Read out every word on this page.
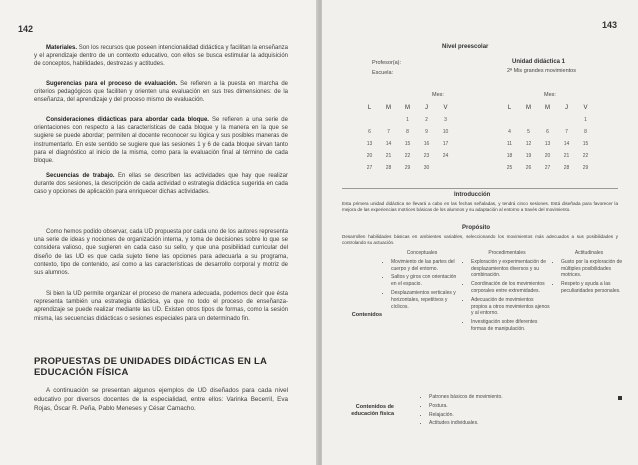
142

Materiales. Son los recursos que poseen intencionalidad didáctica y facilitan la enseñanza y el aprendizaje dentro de un contexto educativo, con ellos se busca estimular la adquisición de conceptos, habilidades, destrezas y actitudes.

Sugerencias para el proceso de evaluación. Se refieren a la puesta en marcha de criterios pedagógicos que faciliten y orienten una evaluación en sus tres dimensiones: de la enseñanza, del aprendizaje y del proceso mismo de evaluación.

Consideraciones didácticas para abordar cada bloque. Se refieren a una serie de orientaciones con respecto a las características de cada bloque y la manera en la que se sugiere se puede abordar; permiten al docente reconocer su lógica y sus posibles maneras de instrumentarlo. En este sentido se sugiere que las sesiones 1 y 6 de cada bloque sirvan tanto para el diagnóstico al inicio de la misma, como para la evaluación final al término de cada bloque.

Secuencias de trabajo. En ellas se describen las actividades que hay que realizar durante dos sesiones, la descripción de cada actividad o estrategia didáctica sugerida en cada caso y opciones de aplicación para enriquecer dichas actividades.

Como hemos podido observar, cada UD propuesta por cada uno de los autores representa una serie de ideas y nociones de organización interna, y toma de decisiones sobre lo que se considera valioso, que sugieren en cada caso su sello, y que una posibilidad curricular del diseño de las UD es que cada sujeto tiene las opciones para adecuarla a su programa, contexto, tipo de contenido, así como a las características de desarrollo corporal y motriz de sus alumnos.

Si bien la UD permite organizar el proceso de manera adecuada, podemos decir que ésta representa también una estrategia didáctica, ya que no todo el proceso de enseñanza-aprendizaje se puede realizar mediante las UD. Existen otros tipos de formas, como la sesión misma, las secuencias didácticas o sesiones especiales para un determinado fin.

PROPUESTAS DE UNIDADES DIDÁCTICAS EN LA EDUCACIÓN FÍSICA

A continuación se presentan algunos ejemplos de UD diseñados para cada nivel educativo por diversos docentes de la especialidad, entre ellos: Varinka Becerril, Eva Rojas, Óscar R. Peña, Pablo Meneses y César Camacho.

143
Nivel preescolar
Profesor(a):
Escuela:
Unidad didáctica 1
2ª Mis grandes movimientos
Mes:	Mes:
L	M	M	J	V
		1	2	3
6	7	8	9	10
13	14	15	16	17
20	21	22	23	24
27	28	29	30	
L	M	M	J	V
				1
4	5	6	7	8
11	12	13	14	15
18	19	20	21	22
25	26	27	28	29
Introducción

Esta primera unidad didáctica se llevará a cabo en las fechas señaladas, y tendrá cinco sesiones. Está diseñada para favorecer la mejora de las experiencias motrices básicas de los alumnos y su adaptación al entorno a través del movimiento.

Propósito

Desarrollen habilidades básicas en ambientes variables, seleccionando los movimientos más adecuados a sus posibilidades y controlando su actuación.

Contenidos
Conceptuales
• Movimiento de las partes del cuerpo y del entorno.
• Saltos y giros con orientación en el espacio.
• Desplazamientos verticales y horizontales, repetitivos y cíclicos.
Procedimentales
• Exploración y experimentación de desplazamientos diversos y su combinación.
• Coordinación de los movimientos corporales entre extremidades.
• Adecuación de movimientos propios a otros movimientos ajenos y al entorno.
• Investigación sobre diferentes formas de manipulación.
Actitudinales
• Gusto por la exploración de múltiples posibilidades motrices.
• Respeto y ayuda a las peculiaridades personales.
Contenidos de educación física
• Patrones básicos de movimiento.
• Postura.
• Relajación.
• Actitudes individuales.
